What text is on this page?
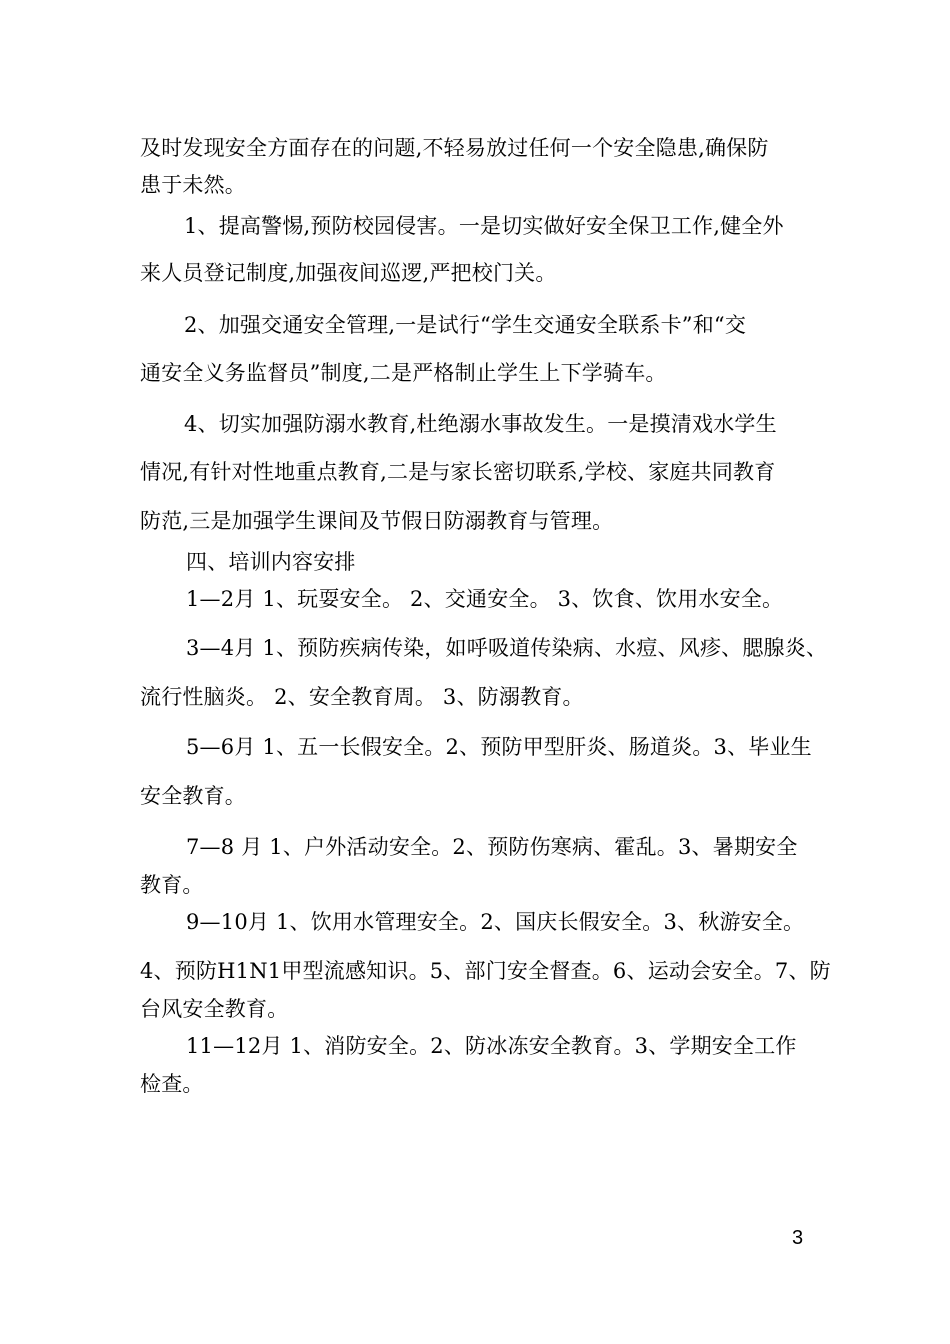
及时发现安全方面存在的问题,不轻易放过任何一个安全隐患,确保防
患于未然。
1、提高警惕,预防校园侵害。一是切实做好安全保卫工作,健全外
来人员登记制度,加强夜间巡逻,严把校门关。
2、加强交通安全管理,一是试行“学生交通安全联系卡”和“交
通安全义务监督员”制度,二是严格制止学生上下学骑车。
4、切实加强防溺水教育,杜绝溺水事故发生。一是摸清戏水学生
情况,有针对性地重点教育,二是与家长密切联系,学校、家庭共同教育
防范,三是加强学生课间及节假日防溺教育与管理。
四、培训内容安排
1—2月 1、玩耍安全。 2、交通安全。 3、饮食、饮用水安全。
3—4月 1、预防疾病传染，如呼吸道传染病、水痘、风疹、腮腺炎、
流行性脑炎。 2、安全教育周。 3、防溺教育。
5—6月 1、五一长假安全。2、预防甲型肝炎、肠道炎。3、毕业生
安全教育。
7—8 月 1、户外活动安全。2、预防伤寒病、霍乱。3、暑期安全
教育。
9—10月 1、饮用水管理安全。2、国庆长假安全。3、秋游安全。
4、预防H1N1甲型流感知识。5、部门安全督查。6、运动会安全。7、防
台风安全教育。
11—12月 1、消防安全。2、防冰冻安全教育。3、学期安全工作
检查。
3
